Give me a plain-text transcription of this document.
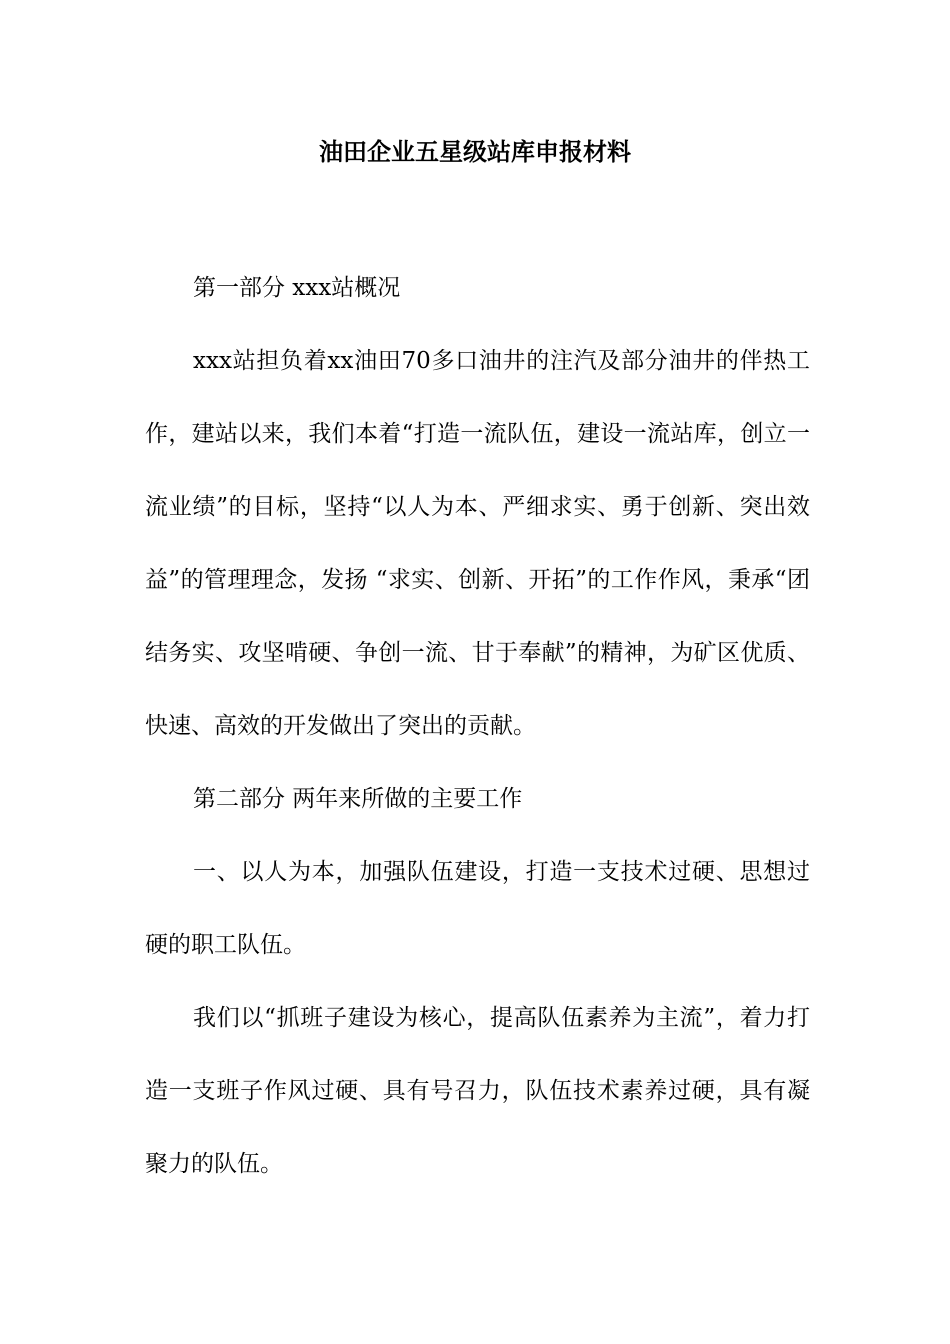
油田企业五星级站库申报材料

第一部分 xxx站概况

xxx站担负着xx油田70多口油井的注汽及部分油井的伴热工作，建站以来，我们本着“打造一流队伍，建设一流站库，创立一流业绩”的目标，坚持“以人为本、严细求实、勇于创新、突出效益”的管理理念，发扬 “求实、创新、开拓”的工作作风，秉承“团结务实、攻坚啃硬、争创一流、甘于奉献”的精神，为矿区优质、快速、高效的开发做出了突出的贡献。

第二部分 两年来所做的主要工作

一、以人为本，加强队伍建设，打造一支技术过硬、思想过硬的职工队伍。

我们以“抓班子建设为核心，提高队伍素养为主流”，着力打造一支班子作风过硬、具有号召力，队伍技术素养过硬，具有凝聚力的队伍。
